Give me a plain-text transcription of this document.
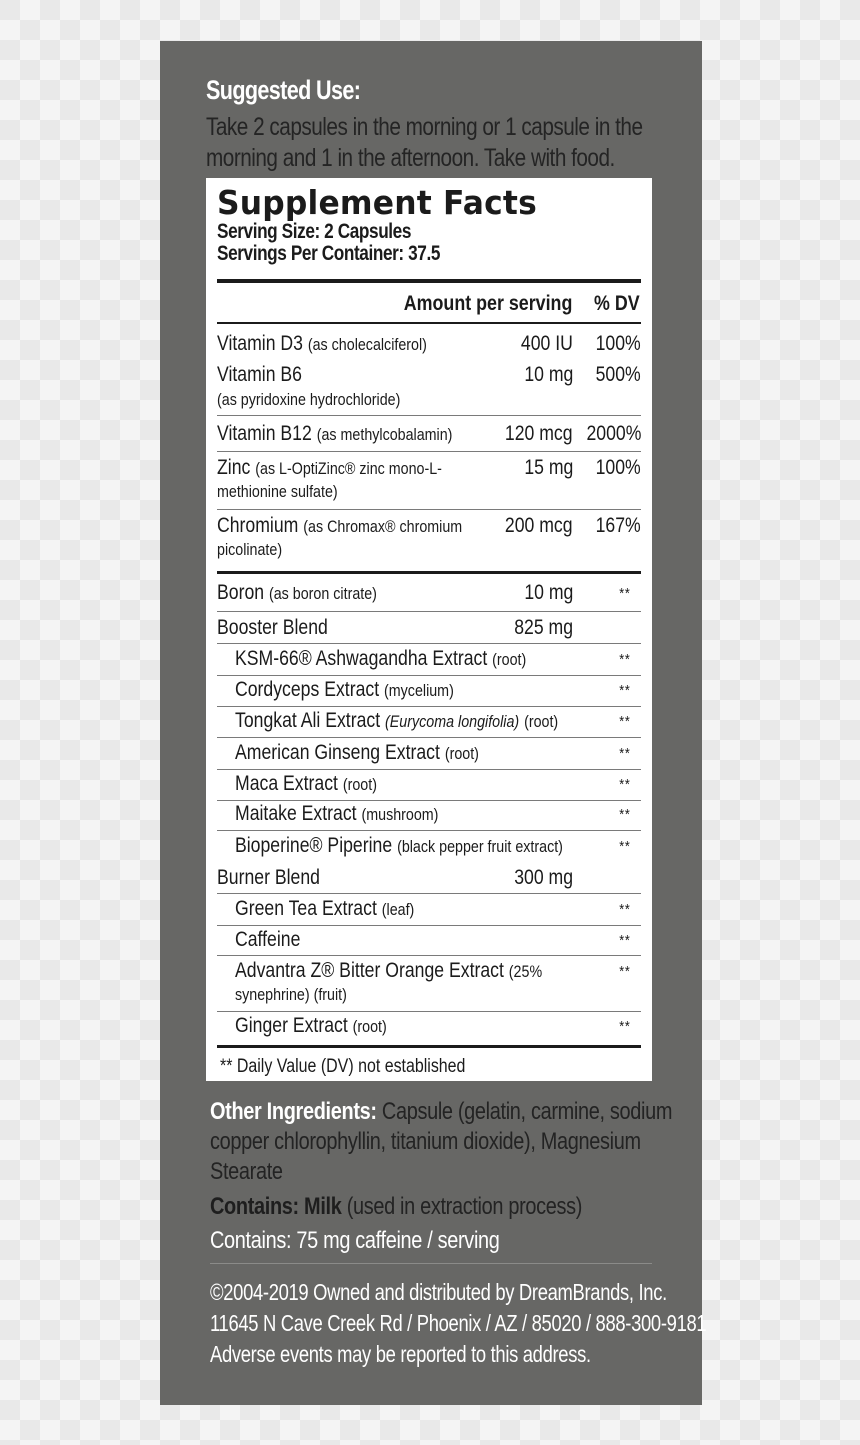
Suggested Use:
Take 2 capsules in the morning or 1 capsule in the
morning and 1 in the afternoon. Take with food.
Supplement Facts
Serving Size: 2 Capsules
Servings Per Container: 37.5
Amount per serving % DV
Vitamin D3 (as cholecalciferol)	400 IU 100%
Vitamin B6
(as pyridoxine hydrochloride)
10 mg 500%
Vitamin B12 (as methylcobalamin)	120 mcg 2000%
Zinc (as L-OptiZinc® zinc mono-L-
methionine sulfate)
15 mg 100%
Chromium (as Chromax® chromium
picolinate)
200 mcg 167%
Boron (as boron citrate)	10 mg	**
Booster Blend	825 mg
KSM-66® Ashwagandha Extract (root)	**
Cordyceps Extract (mycelium)	**
Tongkat Ali Extract (Eurycoma longifolia) (root)	**
American Ginseng Extract (root)	**
Maca Extract (root)	**
Maitake Extract (mushroom)	**
Bioperine® Piperine (black pepper fruit extract)	**
Burner Blend	300 mg
Green Tea Extract (leaf)	**
Caffeine	**
Advantra Z® Bitter Orange Extract (25%
synephrine) (fruit)
**
Ginger Extract (root)	**
** Daily Value (DV) not established
Other Ingredients: Capsule (gelatin, carmine, sodium
copper chlorophyllin, titanium dioxide), Magnesium
Stearate
Contains: Milk (used in extraction process)
Contains: 75 mg caffeine / serving
©2004-2019 Owned and distributed by DreamBrands, Inc.
11645 N Cave Creek Rd / Phoenix / AZ / 85020 / 888-300-9181
Adverse events may be reported to this address.
